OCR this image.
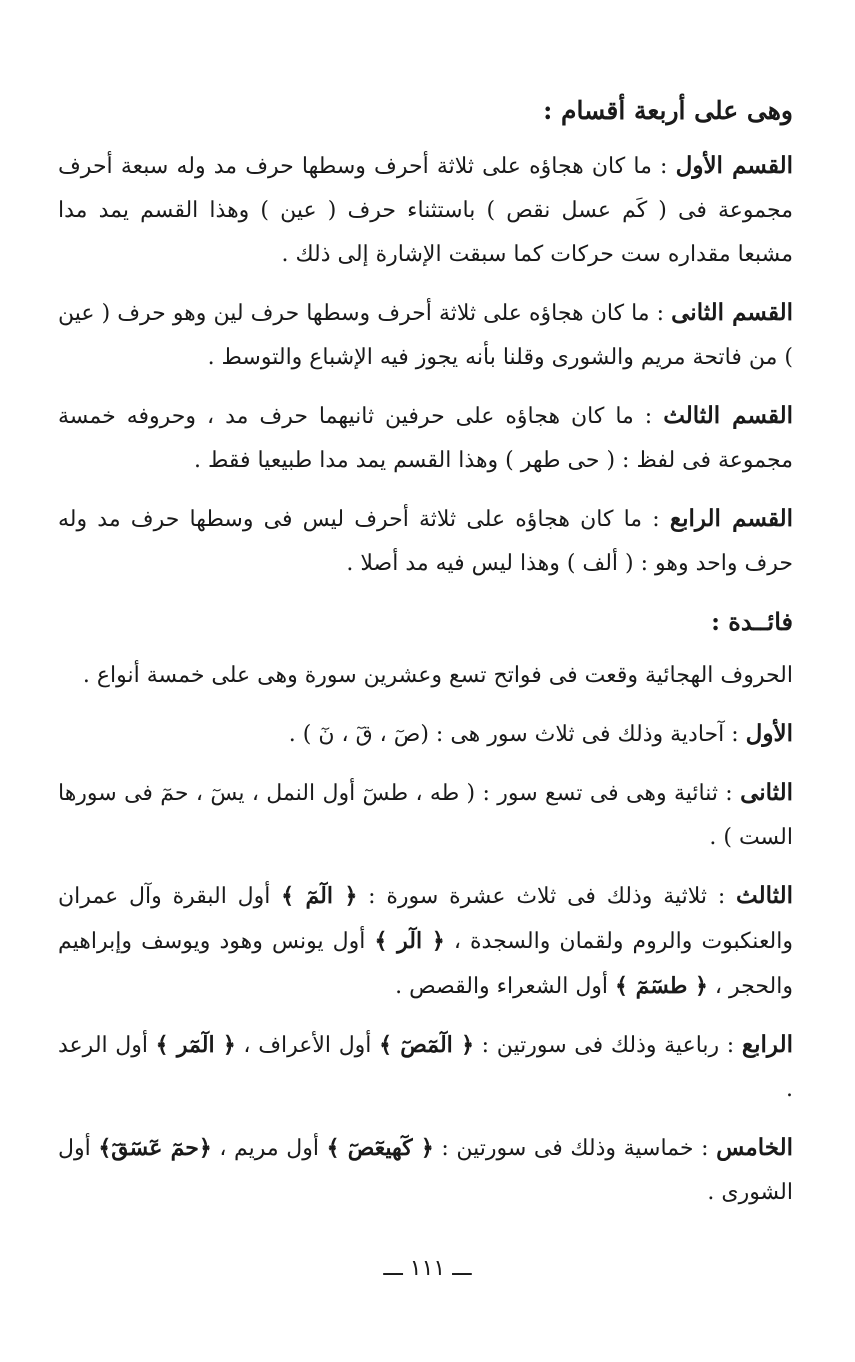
وهى على أربعة أقسام :

القسم الأول : ما كان هجاؤه على ثلاثة أحرف وسطها حرف مد وله سبعة أحرف مجموعة فى ( كَم عسل نقص ) باستثناء حرف ( عين ) وهذا القسم يمد مدا مشبعا مقداره ست حركات كما سبقت الإشارة إلى ذلك .

القسم الثانى : ما كان هجاؤه على ثلاثة أحرف وسطها حرف لين وهو حرف ( عين ) من فاتحة مريم والشورى وقلنا بأنه يجوز فيه الإشباع والتوسط .

القسم الثالث : ما كان هجاؤه على حرفين ثانيهما حرف مد ، وحروفه خمسة مجموعة فى لفظ : ( حى طهر ) وهذا القسم يمد مدا طبيعيا فقط .

القسم الرابع : ما كان هجاؤه على ثلاثة أحرف ليس فى وسطها حرف مد وله حرف واحد وهو : ( ألف ) وهذا ليس فيه مد أصلا .

فائــدة :

الحروف الهجائية وقعت فى فواتح تسع وعشرين سورة وهى على خمسة أنواع .

الأول : آحادية وذلك فى ثلاث سور هى : (صٓ ، قٓ ، نٓ ) .

الثانى : ثنائية وهى فى تسع سور : ( طه ، طسٓ أول النمل ، يسٓ ، حمٓ فى سورها الست ) .

الثالث : ثلاثية وذلك فى ثلاث عشرة سورة : ﴿ الٓمٓ ﴾ أول البقرة وآل عمران والعنكبوت والروم ولقمان والسجدة ، ﴿ الٓر ﴾ أول يونس وهود ويوسف وإبراهيم والحجر ، ﴿ طسٓمٓ ﴾ أول الشعراء والقصص .

الرابع : رباعية وذلك فى سورتين : ﴿ الٓمٓصٓ ﴾ أول الأعراف ، ﴿ الٓمٓر ﴾ أول الرعد .

الخامس : خماسية وذلك فى سورتين : ﴿ كٓهيعٓصٓ ﴾ أول مريم ، ﴿حمٓ عٓسٓقٓ﴾ أول الشورى .

ـــ ١١١ ـــ
